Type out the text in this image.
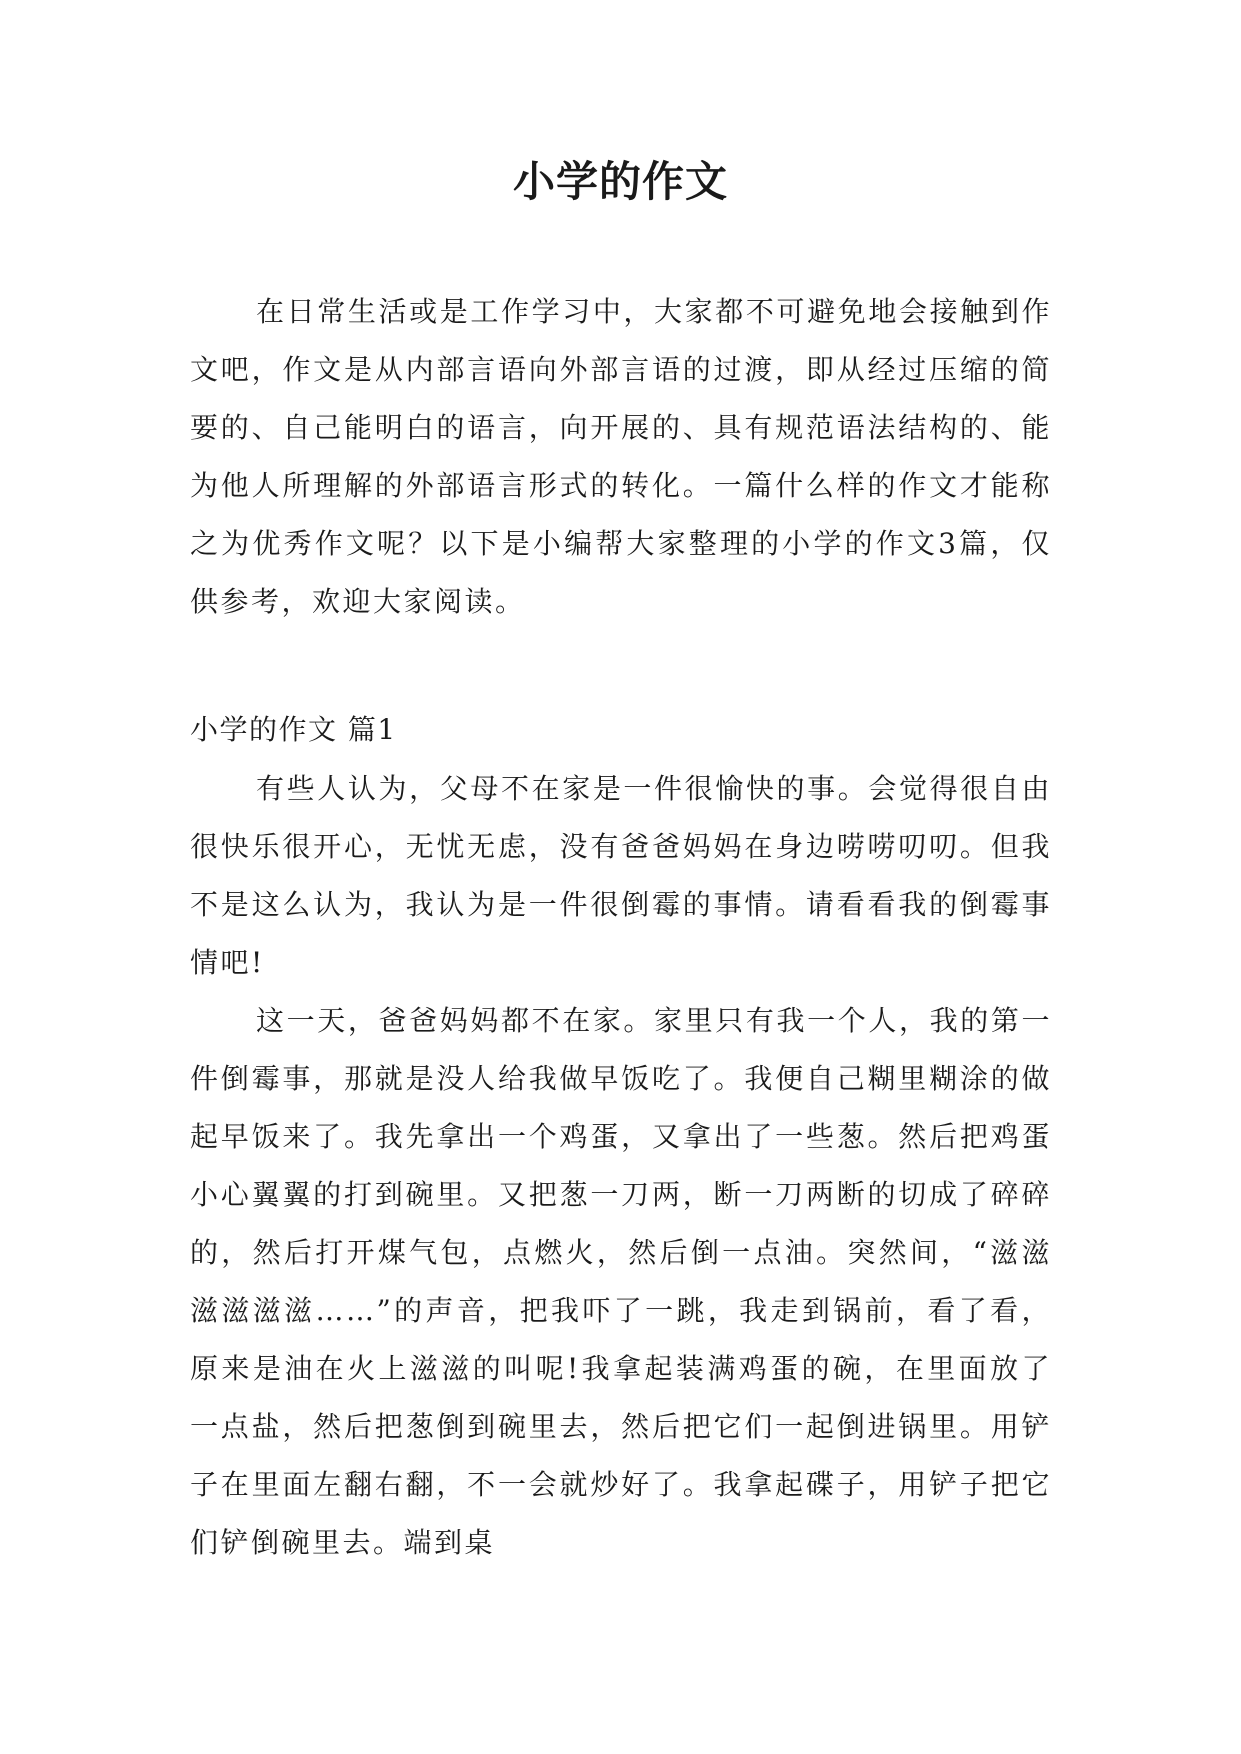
小学的作文

在日常生活或是工作学习中，大家都不可避免地会接触到作文吧，作文是从内部言语向外部言语的过渡，即从经过压缩的简要的、自己能明白的语言，向开展的、具有规范语法结构的、能为他人所理解的外部语言形式的转化。一篇什么样的作文才能称之为优秀作文呢？以下是小编帮大家整理的小学的作文3篇，仅供参考，欢迎大家阅读。

小学的作文 篇1

有些人认为，父母不在家是一件很愉快的事。会觉得很自由很快乐很开心，无忧无虑，没有爸爸妈妈在身边唠唠叨叨。但我不是这么认为，我认为是一件很倒霉的事情。请看看我的倒霉事情吧!

这一天，爸爸妈妈都不在家。家里只有我一个人，我的第一件倒霉事，那就是没人给我做早饭吃了。我便自己糊里糊涂的做起早饭来了。我先拿出一个鸡蛋，又拿出了一些葱。然后把鸡蛋小心翼翼的打到碗里。又把葱一刀两，断一刀两断的切成了碎碎的，然后打开煤气包，点燃火，然后倒一点油。突然间，“滋滋滋滋滋滋……”的声音，把我吓了一跳，我走到锅前，看了看，原来是油在火上滋滋的叫呢!我拿起装满鸡蛋的碗，在里面放了一点盐，然后把葱倒到碗里去，然后把它们一起倒进锅里。用铲子在里面左翻右翻，不一会就炒好了。我拿起碟子，用铲子把它们铲倒碗里去。端到桌
